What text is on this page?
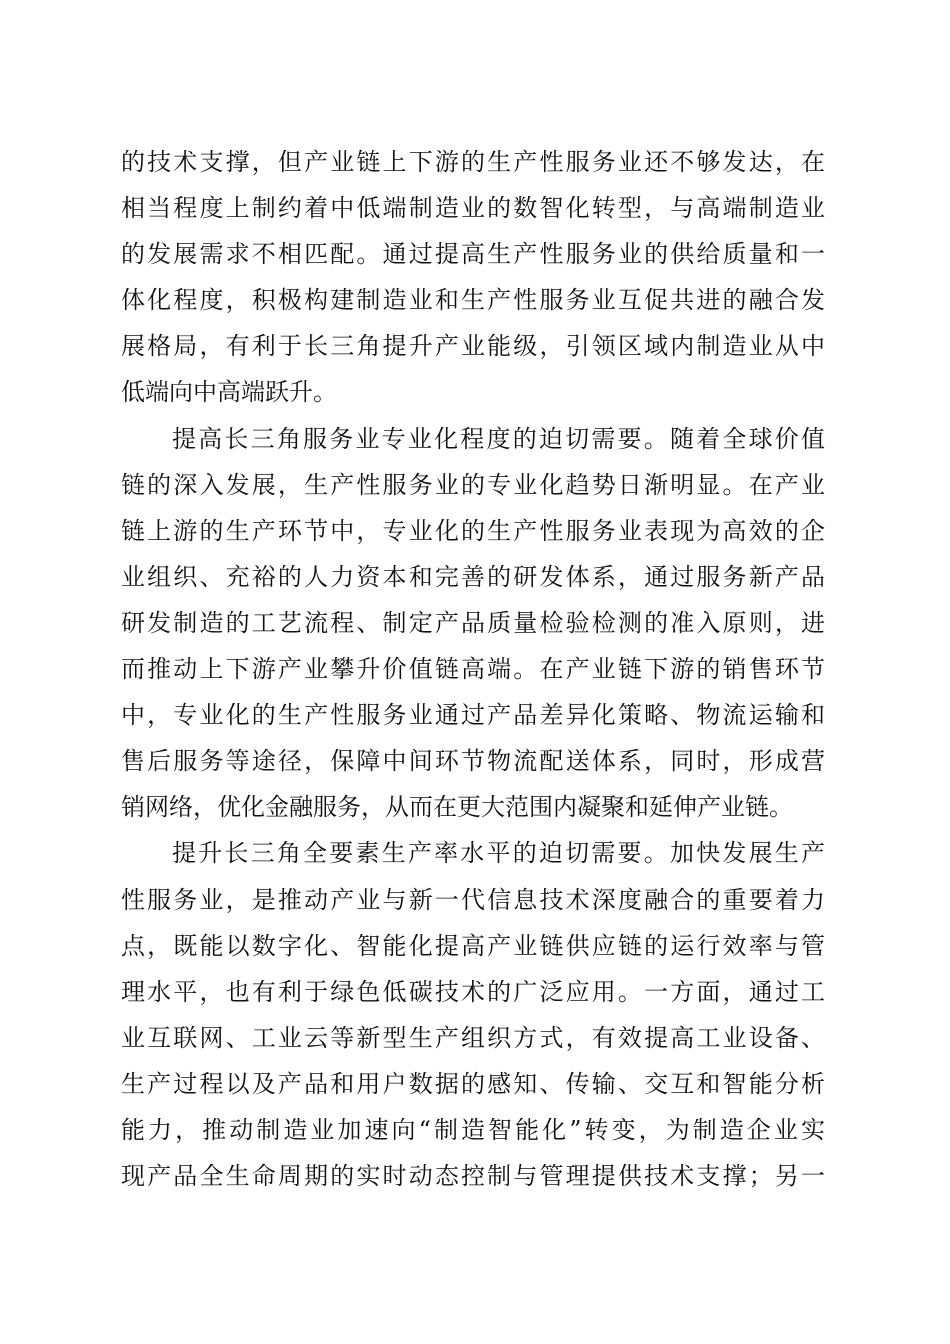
的技术支撑，但产业链上下游的生产性服务业还不够发达，在
相当程度上制约着中低端制造业的数智化转型，与高端制造业
的发展需求不相匹配。通过提高生产性服务业的供给质量和一
体化程度，积极构建制造业和生产性服务业互促共进的融合发
展格局，有利于长三角提升产业能级，引领区域内制造业从中
低端向中高端跃升。
提高长三角服务业专业化程度的迫切需要。随着全球价值
链的深入发展，生产性服务业的专业化趋势日渐明显。在产业
链上游的生产环节中，专业化的生产性服务业表现为高效的企
业组织、充裕的人力资本和完善的研发体系，通过服务新产品
研发制造的工艺流程、制定产品质量检验检测的准入原则，进
而推动上下游产业攀升价值链高端。在产业链下游的销售环节
中，专业化的生产性服务业通过产品差异化策略、物流运输和
售后服务等途径，保障中间环节物流配送体系，同时，形成营
销网络，优化金融服务，从而在更大范围内凝聚和延伸产业链。
提升长三角全要素生产率水平的迫切需要。加快发展生产
性服务业，是推动产业与新一代信息技术深度融合的重要着力
点，既能以数字化、智能化提高产业链供应链的运行效率与管
理水平，也有利于绿色低碳技术的广泛应用。一方面，通过工
业互联网、工业云等新型生产组织方式，有效提高工业设备、
生产过程以及产品和用户数据的感知、传输、交互和智能分析
能力，推动制造业加速向“制造智能化”转变，为制造企业实
现产品全生命周期的实时动态控制与管理提供技术支撑；另一
